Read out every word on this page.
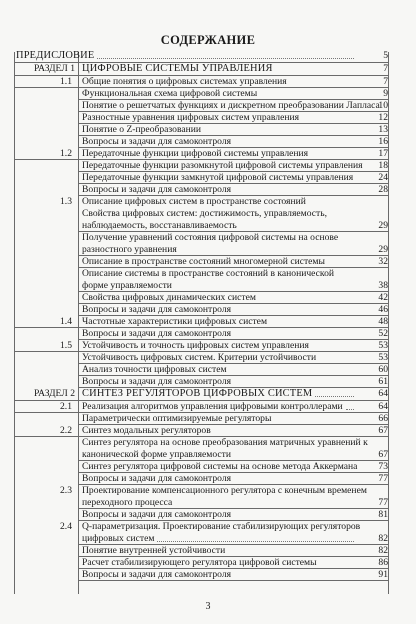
СОДЕРЖАНИЕ
ПРЕДИСЛОВИЕ	5
РАЗДЕЛ 1 ЦИФРОВЫЕ СИСТЕМЫ УПРАВЛЕНИЯ	7
1.1 Общие понятия о цифровых системах управления	7
Функциональная схема цифровой системы	9
Понятие о решетчатых функциях и дискретном преобразовании Лапласа
10
Разностные уравнения цифровых систем управления	12
Понятие о Z-преобразовании	13
Вопросы и задачи для самоконтроля	16
1.2 Передаточные функции цифровой системы управления	17
Передаточные функции разомкнутой цифровой системы управления	18
Передаточные функции замкнутой цифровой системы управления	24
Вопросы и задачи для самоконтроля	28
1.3 Описание цифровых систем в пространстве состояний
Свойства цифровых систем: достижимость, управляемость,
наблюдаемость, восстанавливаемость	29
Получение уравнений состояния цифровой системы на основе
разностного уравнения	29
Описание в пространстве состояний многомерной системы	32
Описание системы в пространстве состояний в канонической
форме управляемости	38
Свойства цифровых динамических систем	42
Вопросы и задачи для самоконтроля	46
1.4 Частотные характеристики цифровых систем	48
Вопросы и задачи для самоконтроля	52
1.5 Устойчивость и точность цифровых систем управления	53
Устойчивость цифровых систем. Критерии устойчивости	53
Анализ точности цифровых систем	60
Вопросы и задачи для самоконтроля	61
РАЗДЕЛ 2 СИНТЕЗ РЕГУЛЯТОРОВ ЦИФРОВЫХ СИСТЕМ	64
2.1 Реализация алгоритмов управления цифровыми контроллерами	64
Параметрически оптимизируемые регуляторы	66
2.2 Синтез модальных регуляторов	67
Синтез регулятора на основе преобразования матричных уравнений к
канонической форме управляемости	67
Синтез регулятора цифровой системы на основе метода Аккермана	73
Вопросы и задачи для самоконтроля	77
2.3 Проектирование компенсационного регулятора с конечным временем
переходного процесса	77
Вопросы и задачи для самоконтроля	81
2.4 Q-параметризация. Проектирование стабилизирующих регуляторов
цифровых систем	82
Понятие внутренней устойчивости	82
Расчет стабилизирующего регулятора цифровой системы	86
Вопросы и задачи для самоконтроля	91
3
